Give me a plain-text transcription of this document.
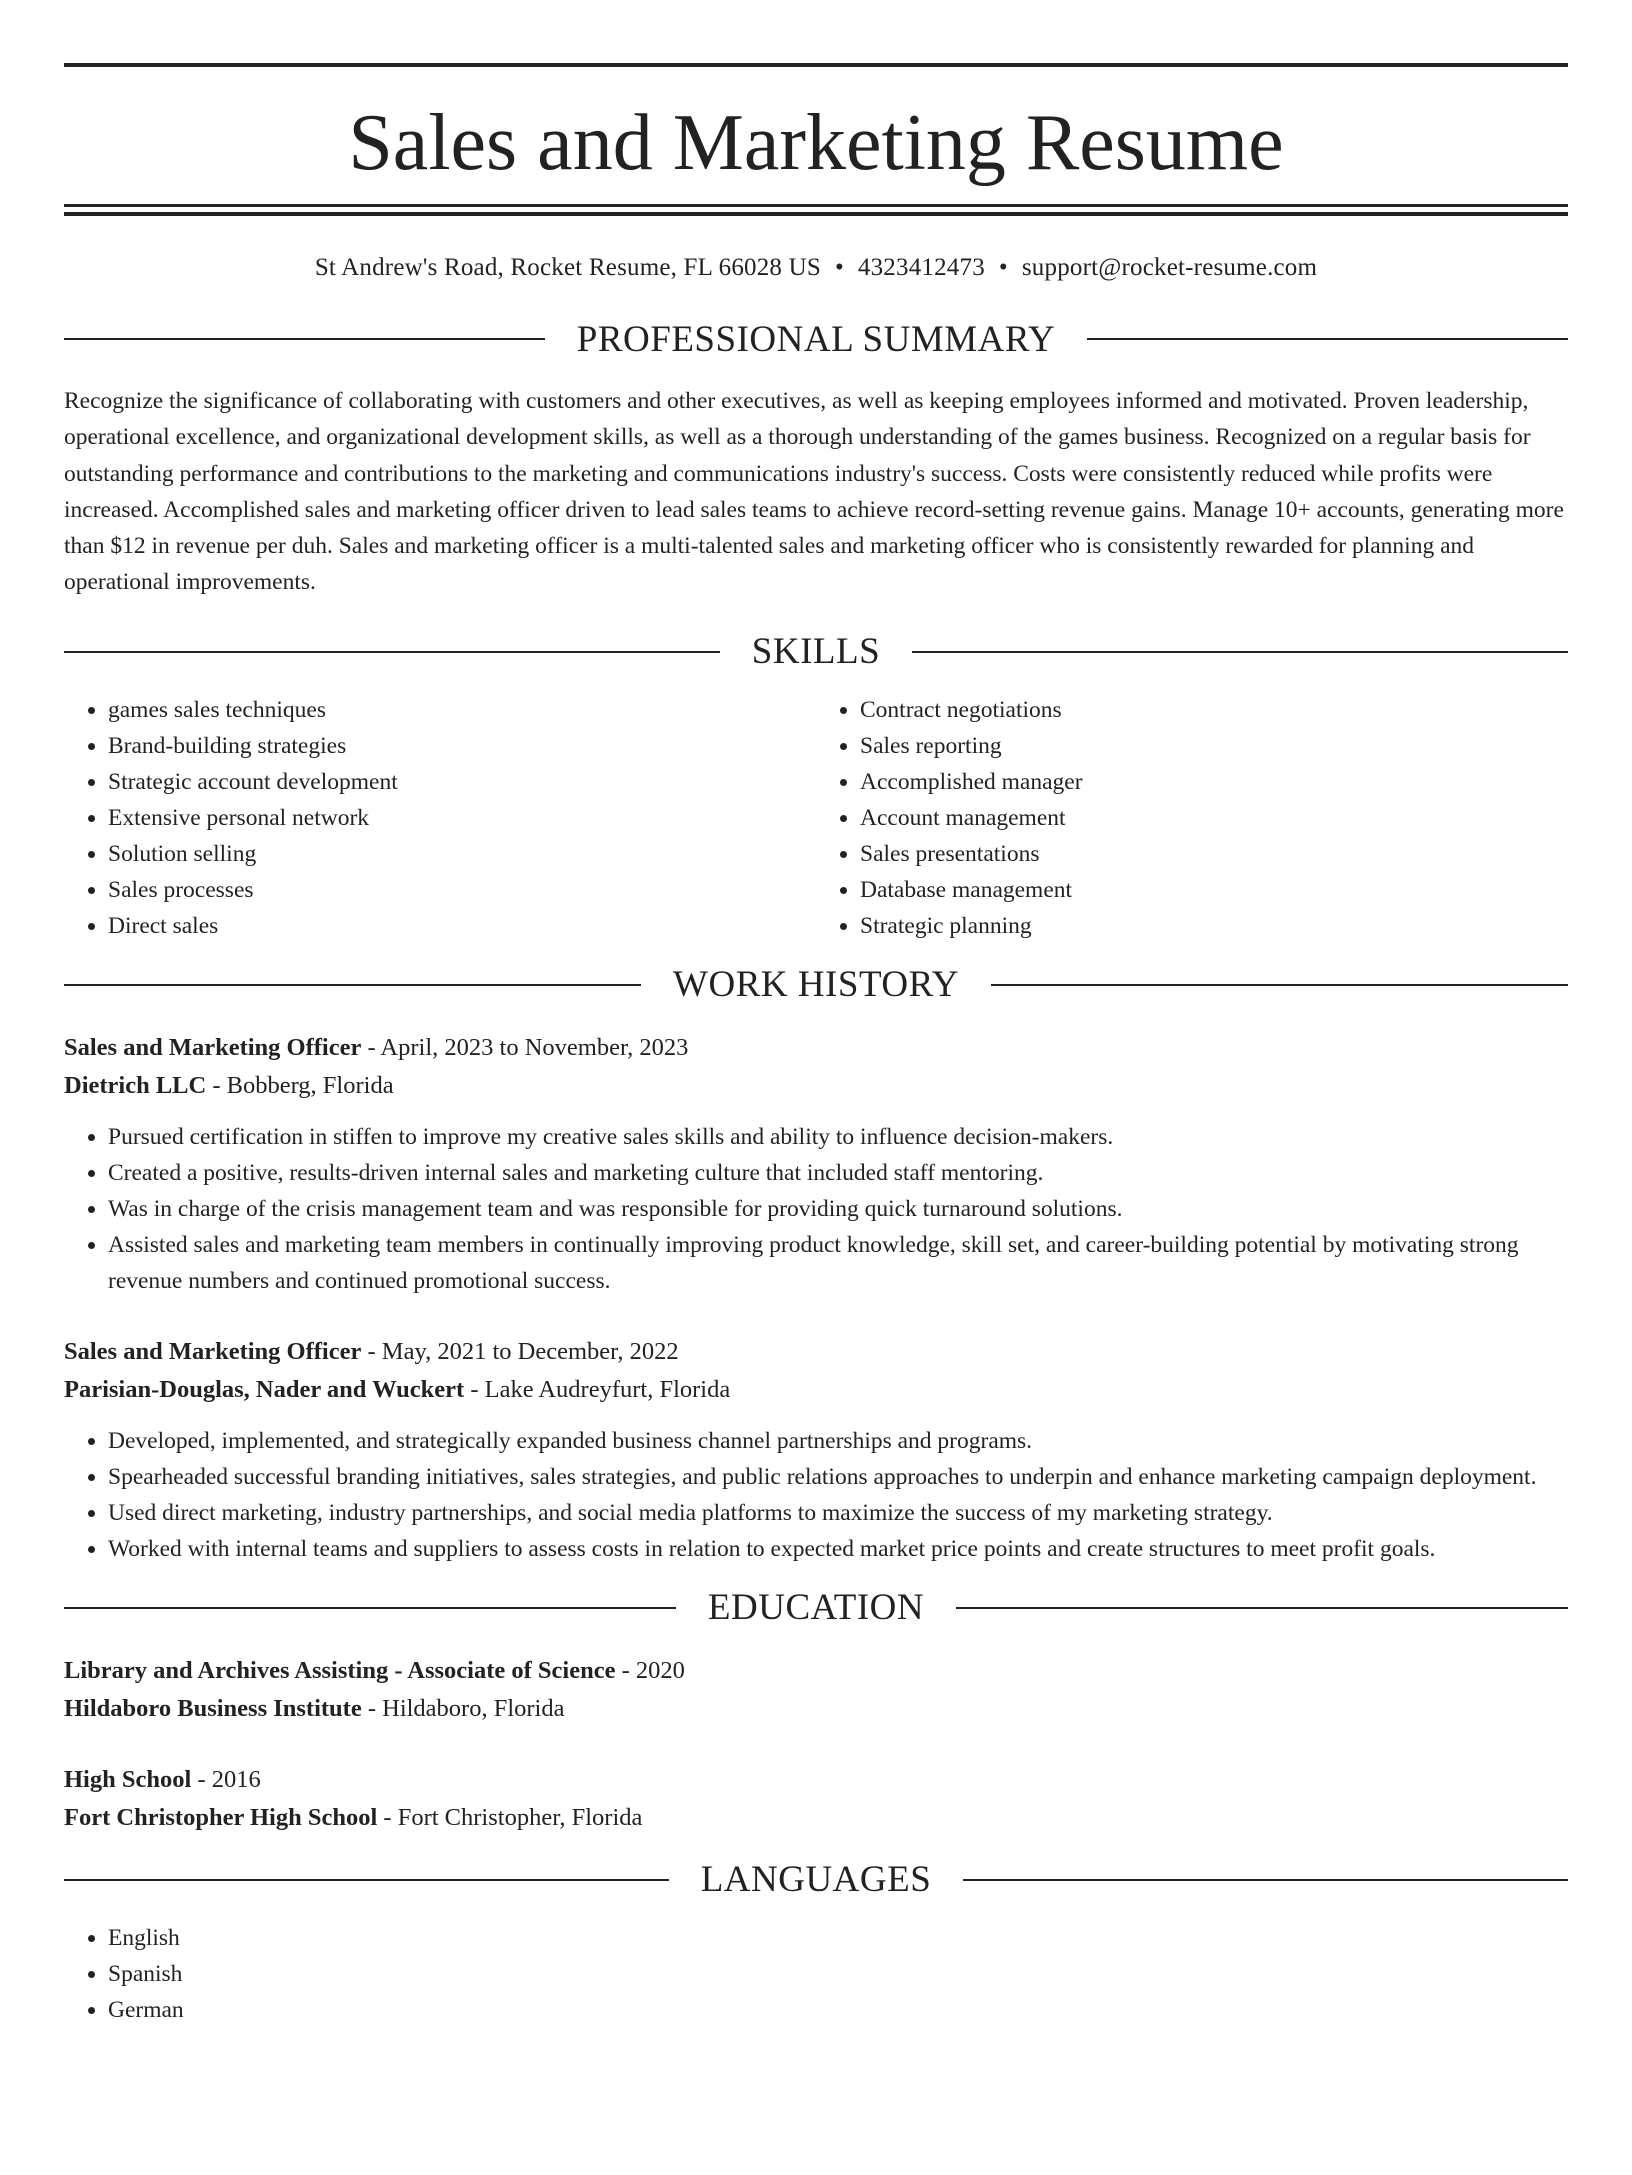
Sales and Marketing Resume
St Andrew's Road, Rocket Resume, FL 66028 US • 4323412473 • support@rocket-resume.com
PROFESSIONAL SUMMARY
Recognize the significance of collaborating with customers and other executives, as well as keeping employees informed and motivated. Proven leadership, operational excellence, and organizational development skills, as well as a thorough understanding of the games business. Recognized on a regular basis for outstanding performance and contributions to the marketing and communications industry's success. Costs were consistently reduced while profits were increased. Accomplished sales and marketing officer driven to lead sales teams to achieve record-setting revenue gains. Manage 10+ accounts, generating more than $12 in revenue per duh. Sales and marketing officer is a multi-talented sales and marketing officer who is consistently rewarded for planning and operational improvements.
SKILLS
• games sales techniques
• Brand-building strategies
• Strategic account development
• Extensive personal network
• Solution selling
• Sales processes
• Direct sales
• Contract negotiations
• Sales reporting
• Accomplished manager
• Account management
• Sales presentations
• Database management
• Strategic planning
WORK HISTORY
Sales and Marketing Officer - April, 2023 to November, 2023
Dietrich LLC - Bobberg, Florida
• Pursued certification in stiffen to improve my creative sales skills and ability to influence decision-makers.
• Created a positive, results-driven internal sales and marketing culture that included staff mentoring.
• Was in charge of the crisis management team and was responsible for providing quick turnaround solutions.
• Assisted sales and marketing team members in continually improving product knowledge, skill set, and career-building potential by motivating strong revenue numbers and continued promotional success.
Sales and Marketing Officer - May, 2021 to December, 2022
Parisian-Douglas, Nader and Wuckert - Lake Audreyfurt, Florida
• Developed, implemented, and strategically expanded business channel partnerships and programs.
• Spearheaded successful branding initiatives, sales strategies, and public relations approaches to underpin and enhance marketing campaign deployment.
• Used direct marketing, industry partnerships, and social media platforms to maximize the success of my marketing strategy.
• Worked with internal teams and suppliers to assess costs in relation to expected market price points and create structures to meet profit goals.
EDUCATION
Library and Archives Assisting - Associate of Science - 2020
Hildaboro Business Institute - Hildaboro, Florida
High School - 2016
Fort Christopher High School - Fort Christopher, Florida
LANGUAGES
• English
• Spanish
• German
